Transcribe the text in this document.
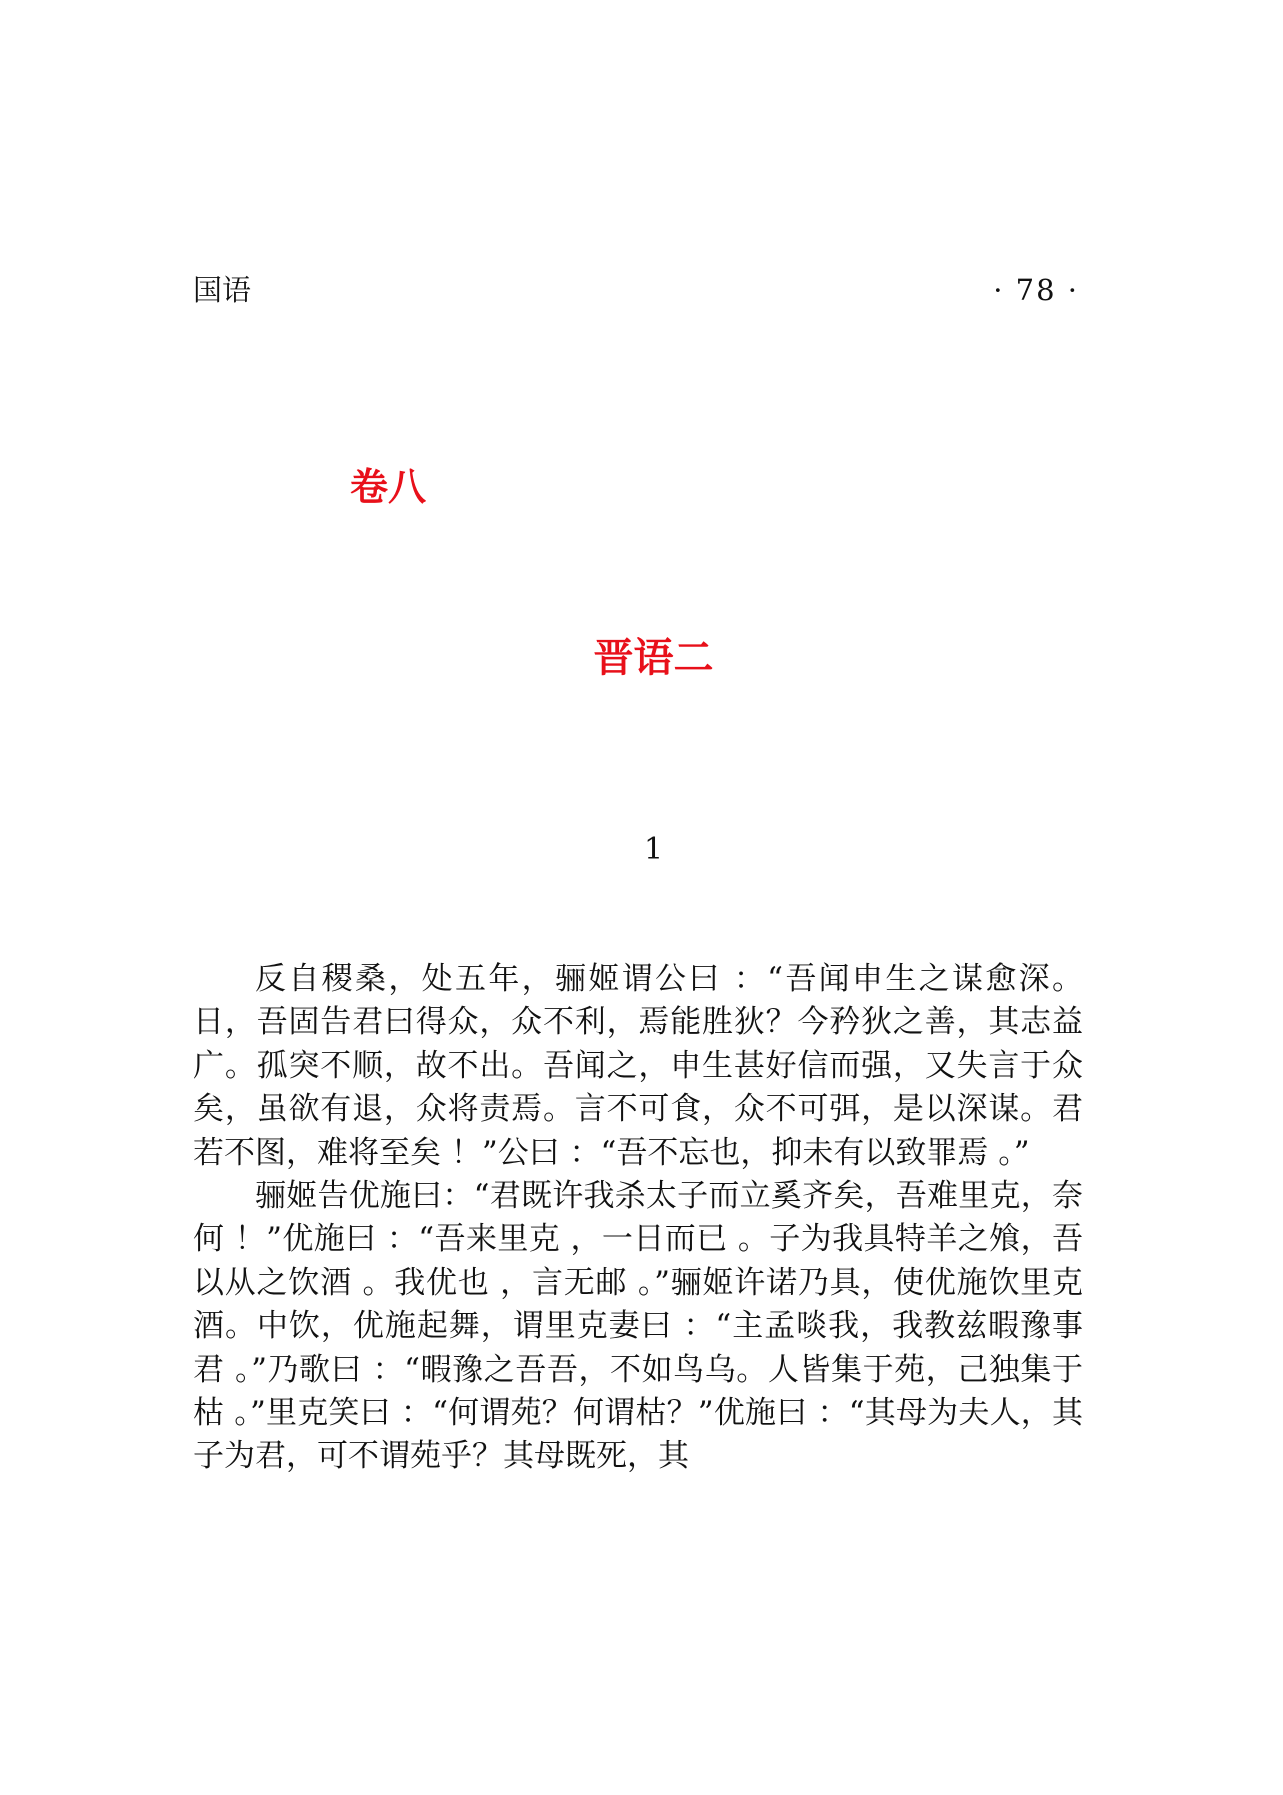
国语	· 78 ·
卷八
晋语二
1

反自稷桑，处五年，骊姬谓公曰 ：“吾闻申生之谋愈深。日，吾固告君曰得众，众不利，焉能胜狄？今矜狄之善，其志益广。孤突不顺，故不出。吾闻之，申生甚好信而强，又失言于众矣，虽欲有退，众将责焉。言不可食，众不可弭，是以深谋。君若不图，难将至矣 ！”公曰 ：“吾不忘也，抑未有以致罪焉 。”

骊姬告优施曰：“君既许我杀太子而立奚齐矣，吾难里克，奈何 ！”优施曰 ：“吾来里克 ，一日而已 。子为我具特羊之飧，吾以从之饮酒 。我优也 ，言无邮 。”骊姬许诺乃具，使优施饮里克酒。中饮，优施起舞，谓里克妻曰 ：“主孟啖我，我教兹暇豫事君 。”乃歌曰 ：“暇豫之吾吾，不如鸟乌。人皆集于苑，己独集于枯 。”里克笑曰 ：“何谓苑？何谓枯？”优施曰 ：“其母为夫人，其子为君，可不谓苑乎？其母既死，其
